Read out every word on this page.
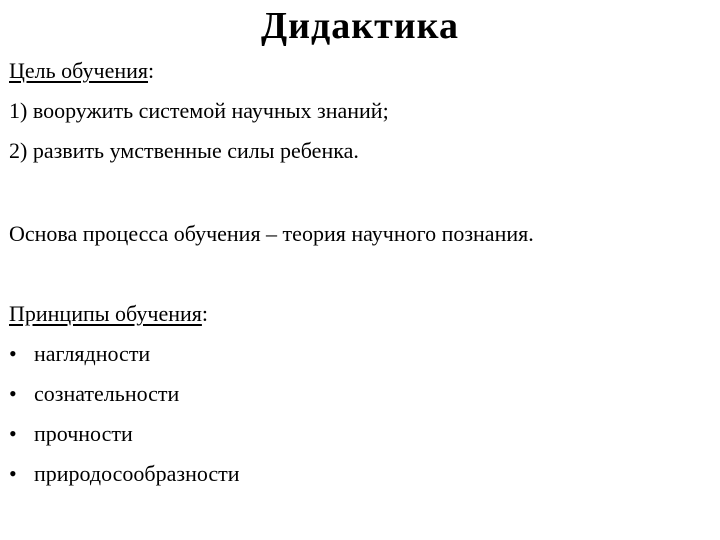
Дидактика
Цель обучения:
1) вооружить системой научных знаний;
2) развить умственные силы ребенка.
Основа процесса обучения – теория научного познания.
Принципы обучения:
• наглядности
• сознательности
• прочности
• природосообразности
